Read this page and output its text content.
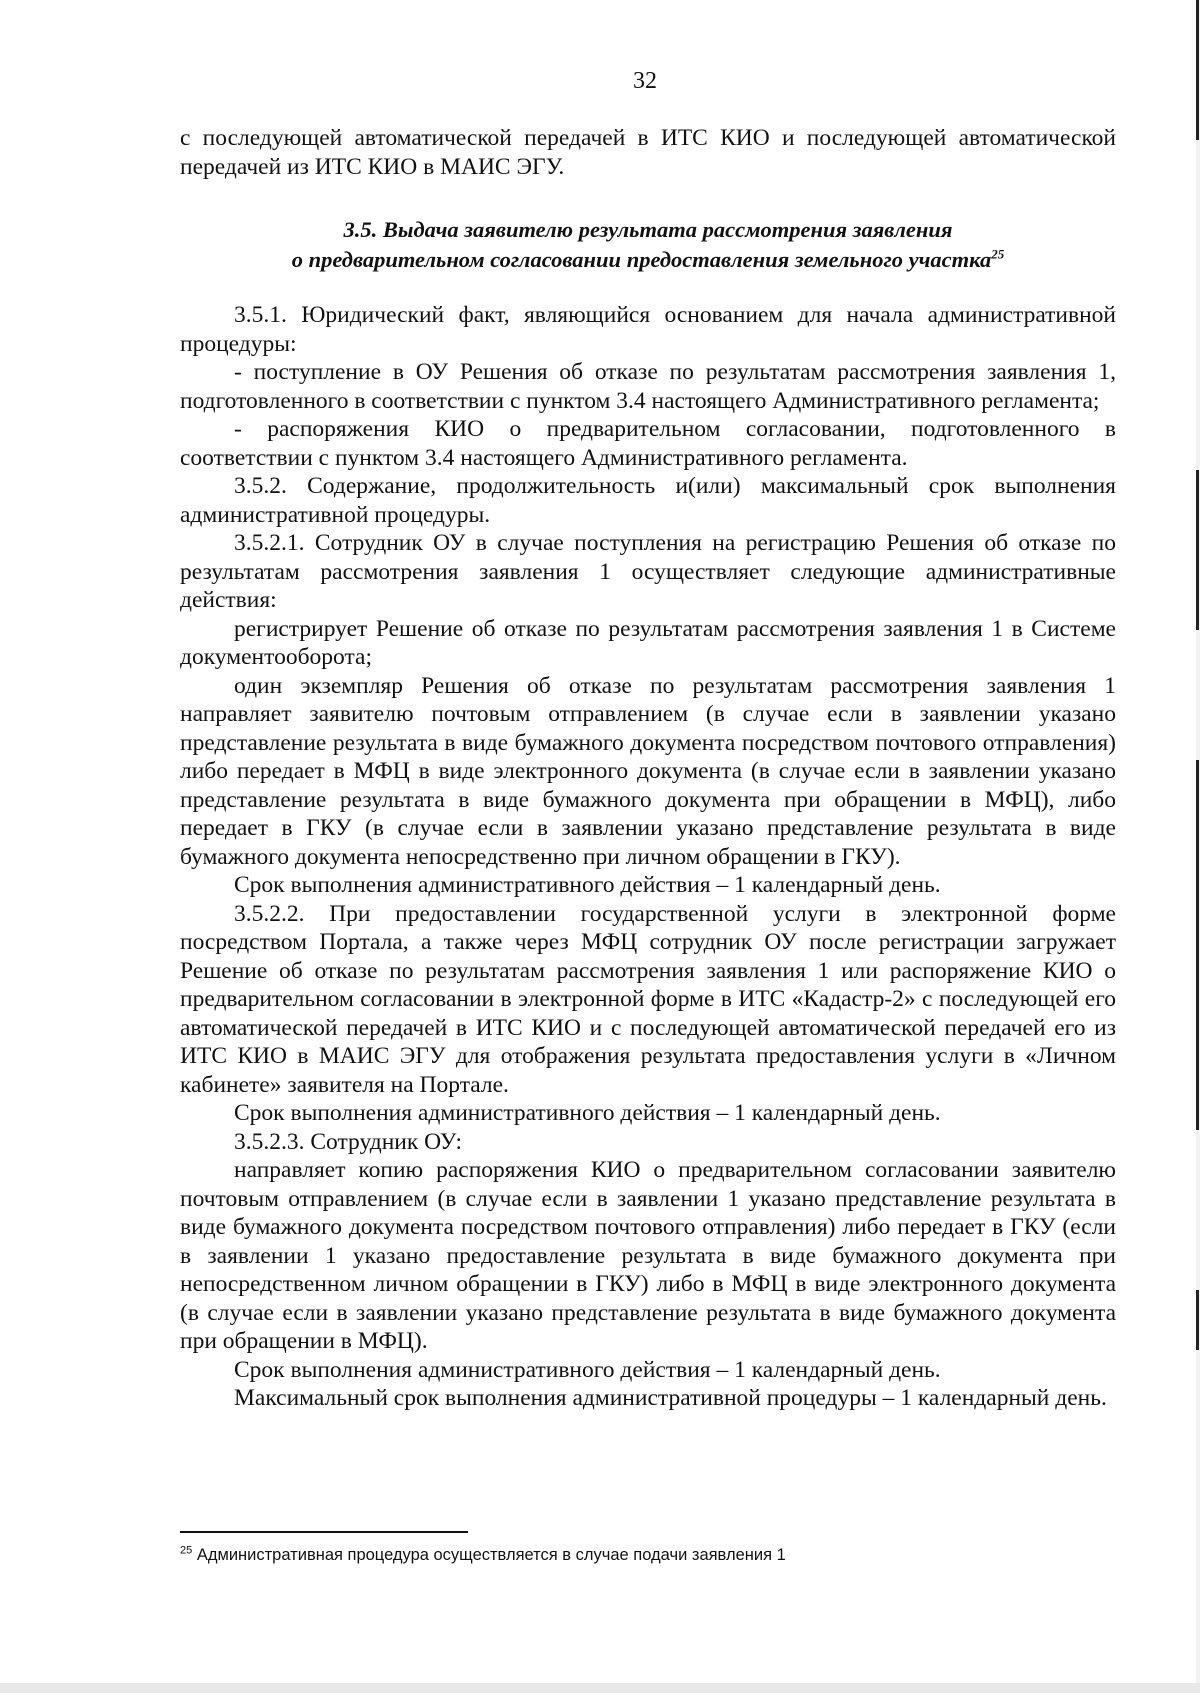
32

с последующей автоматической передачей в ИТС КИО и последующей автоматической передачей из ИТС КИО в МАИС ЭГУ.

3.5. Выдача заявителю результата рассмотрения заявления
о предварительном согласовании предоставления земельного участка$^{25}$

3.5.1. Юридический факт, являющийся основанием для начала административной процедуры:

- поступление в ОУ Решения об отказе по результатам рассмотрения заявления 1, подготовленного в соответствии с пунктом 3.4 настоящего Административного регламента;

- распоряжения КИО о предварительном согласовании, подготовленного в соответствии с пунктом 3.4 настоящего Административного регламента.

3.5.2. Содержание, продолжительность и(или) максимальный срок выполнения административной процедуры.

3.5.2.1. Сотрудник ОУ в случае поступления на регистрацию Решения об отказе по результатам рассмотрения заявления 1 осуществляет следующие административные действия:

регистрирует Решение об отказе по результатам рассмотрения заявления 1 в Системе документооборота;

один экземпляр Решения об отказе по результатам рассмотрения заявления 1 направляет заявителю почтовым отправлением (в случае если в заявлении указано представление результата в виде бумажного документа посредством почтового отправления) либо передает в МФЦ в виде электронного документа (в случае если в заявлении указано представление результата в виде бумажного документа при обращении в МФЦ), либо передает в ГКУ (в случае если в заявлении указано представление результата в виде бумажного документа непосредственно при личном обращении в ГКУ).

Срок выполнения административного действия – 1 календарный день.

3.5.2.2. При предоставлении государственной услуги в электронной форме посредством Портала, а также через МФЦ сотрудник ОУ после регистрации загружает Решение об отказе по результатам рассмотрения заявления 1 или распоряжение КИО о предварительном согласовании в электронной форме в ИТС «Кадастр-2» с последующей его автоматической передачей в ИТС КИО и с последующей автоматической передачей его из ИТС КИО в МАИС ЭГУ для отображения результата предоставления услуги в «Личном кабинете» заявителя на Портале.

Срок выполнения административного действия – 1 календарный день.

3.5.2.3. Сотрудник ОУ:

направляет копию распоряжения КИО о предварительном согласовании заявителю почтовым отправлением (в случае если в заявлении 1 указано представление результата в виде бумажного документа посредством почтового отправления) либо передает в ГКУ (если в заявлении 1 указано предоставление результата в виде бумажного документа при непосредственном личном обращении в ГКУ) либо в МФЦ в виде электронного документа (в случае если в заявлении указано представление результата в виде бумажного документа при обращении в МФЦ).

Срок выполнения административного действия – 1 календарный день.

Максимальный срок выполнения административной процедуры – 1 календарный день.

$^{25}$ Административная процедура осуществляется в случае подачи заявления 1
